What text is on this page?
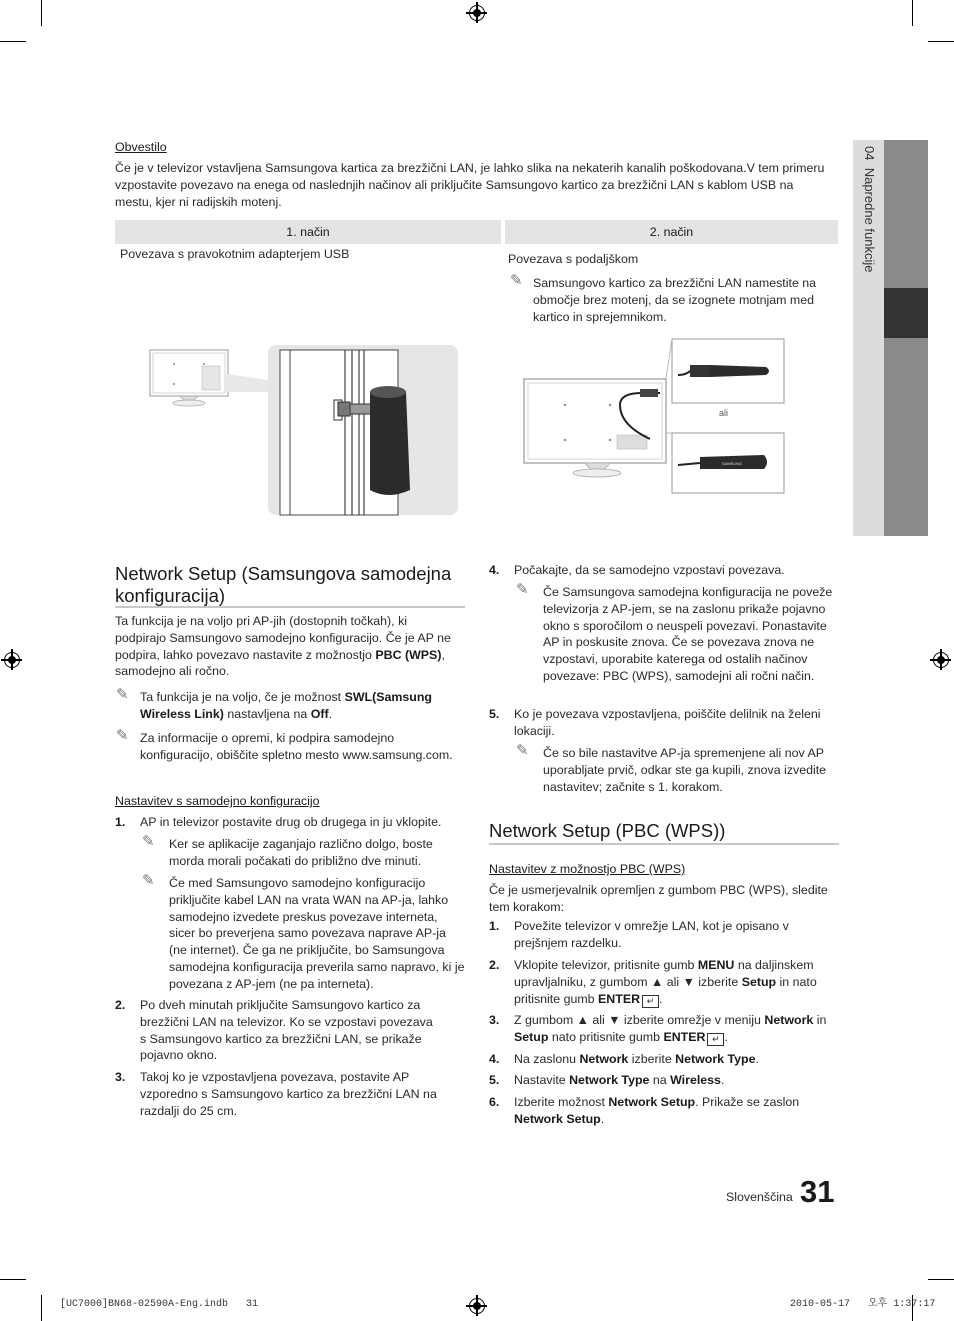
04  Napredne funkcije
Obvestilo
Če je v televizor vstavljena Samsungova kartica za brezžični LAN, je lahko slika na nekaterih kanalih poškodovana.V tem primeru vzpostavite povezavo na enega od naslednjih načinov ali priključite Samsungovo kartico za brezžični LAN s kablom USB na mestu, kjer ni radijskih motenj.
1. način	2. način
Povezava s pravokotnim adapterjem USB	Povezava s podaljškom
✎ Samsungovo kartico za brezžični LAN namestite na območje brez motenj, da se izognete motnjam med kartico in sprejemnikom.
SAMSUNG
ali
Network Setup (Samsungova samodejna konfiguracija)
Ta funkcija je na voljo pri AP-jih (dostopnih točkah), ki podpirajo Samsungovo samodejno konfiguracijo. Če je AP ne podpira, lahko povezavo nastavite z možnostjo PBC (WPS), samodejno ali ročno.
✎ Ta funkcija je na voljo, če je možnost SWL(Samsung Wireless Link) nastavljena na Off.
✎ Za informacije o opremi, ki podpira samodejno konfiguracijo, obiščite spletno mesto www.samsung.com.
Nastavitev s samodejno konfiguracijo
1. AP in televizor postavite drug ob drugega in ju vklopite.
✎ Ker se aplikacije zaganjajo različno dolgo, boste morda morali počakati do približno dve minuti.
✎ Če med Samsungovo samodejno konfiguracijo priključite kabel LAN na vrata WAN na AP-ja, lahko samodejno izvedete preskus povezave interneta, sicer bo preverjena samo povezava naprave AP-ja (ne internet). Če ga ne priključite, bo Samsungova samodejna konfiguracija preverila samo napravo, ki je povezana z AP-jem (ne pa interneta).
2. Po dveh minutah priključite Samsungovo kartico za brezžični LAN na televizor. Ko se vzpostavi povezava s Samsungovo kartico za brezžični LAN, se prikaže pojavno okno.
3. Takoj ko je vzpostavljena povezava, postavite AP vzporedno s Samsungovo kartico za brezžični LAN na razdalji do 25 cm.
4. Počakajte, da se samodejno vzpostavi povezava.
✎ Če Samsungova samodejna konfiguracija ne poveže televizorja z AP-jem, se na zaslonu prikaže pojavno okno s sporočilom o neuspeli povezavi. Ponastavite AP in poskusite znova. Če se povezava znova ne vzpostavi, uporabite katerega od ostalih načinov povezave: PBC (WPS), samodejni ali ročni način.
5. Ko je povezava vzpostavljena, poiščite delilnik na želeni lokaciji.
✎ Če so bile nastavitve AP-ja spremenjene ali nov AP uporabljate prvič, odkar ste ga kupili, znova izvedite nastavitev; začnite s 1. korakom.
Network Setup (PBC (WPS))
Nastavitev z možnostjo PBC (WPS)
Če je usmerjevalnik opremljen z gumbom PBC (WPS), sledite tem korakom:
1. Povežite televizor v omrežje LAN, kot je opisano v prejšnjem razdelku.
2. Vklopite televizor, pritisnite gumb MENU na daljinskem upravljalniku, z gumbom ▲ ali ▼ izberite Setup in nato pritisnite gumb ENTER ↵ .
3. Z gumbom ▲ ali ▼ izberite omrežje v meniju Network in Setup nato pritisnite gumb ENTER ↵ .
4. Na zaslonu Network izberite Network Type.
5. Nastavite Network Type na Wireless.
6. Izberite možnost Network Setup. Prikaže se zaslon Network Setup.
Slovenščina 31
[UC7000]BN68-02590A-Eng.indb   31	2010-05-17   오후 1:37:17
